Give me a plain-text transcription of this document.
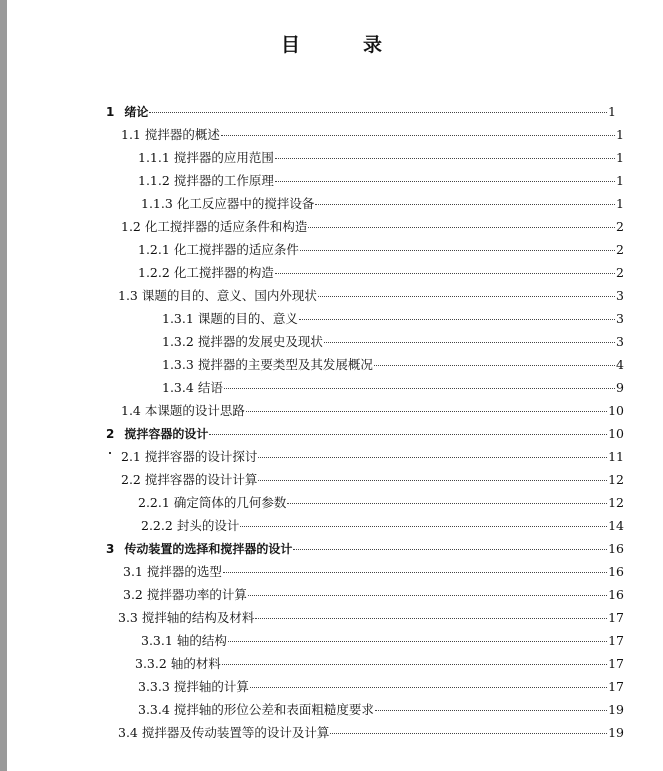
目　录
1 绪论	1
1.1 搅拌器的概述	1
1.1.1 搅拌器的应用范围	1
1.1.2 搅拌器的工作原理	1
1.1.3 化工反应器中的搅拌设备	1
1.2 化工搅拌器的适应条件和构造	2
1.2.1 化工搅拌器的适应条件	2
1.2.2 化工搅拌器的构造	2
1.3 课题的目的、意义、国内外现状	3
1.3.1 课题的目的、意义	3
1.3.2 搅拌器的发展史及现状	3
1.3.3 搅拌器的主要类型及其发展概况	4
1.3.4 结语	9
1.4 本课题的设计思路	10
2 搅拌容器的设计	10
2.1 搅拌容器的设计探讨	11
2.2 搅拌容器的设计计算	12
2.2.1 确定筒体的几何参数	12
2.2.2 封头的设计	14
3 传动装置的选择和搅拌器的设计	16
3.1 搅拌器的选型	16
3.2 搅拌器功率的计算	16
3.3 搅拌轴的结构及材料	17
3.3.1 轴的结构	17
3.3.2 轴的材料	17
3.3.3 搅拌轴的计算	17
3.3.4 搅拌轴的形位公差和表面粗糙度要求	19
3.4 搅拌器及传动装置等的设计及计算	19
